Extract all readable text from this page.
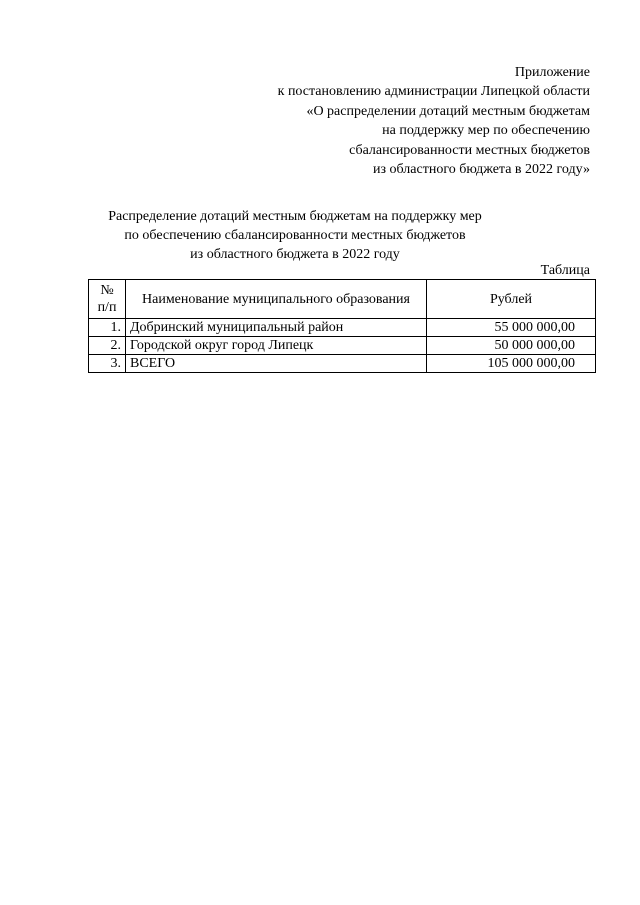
Приложение
к постановлению администрации Липецкой области
«О распределении дотаций местным бюджетам
на поддержку мер по обеспечению
сбалансированности местных бюджетов
из областного бюджета в 2022 году»
Распределение дотаций местным бюджетам на поддержку мер
по обеспечению сбалансированности местных бюджетов
из областного бюджета в 2022 году
Таблица
№
п/п	Наименование муниципального образования	Рублей
1.	Добринский муниципальный район	55 000 000,00
2.	Городской округ город Липецк	50 000 000,00
3.	ВСЕГО	105 000 000,00
